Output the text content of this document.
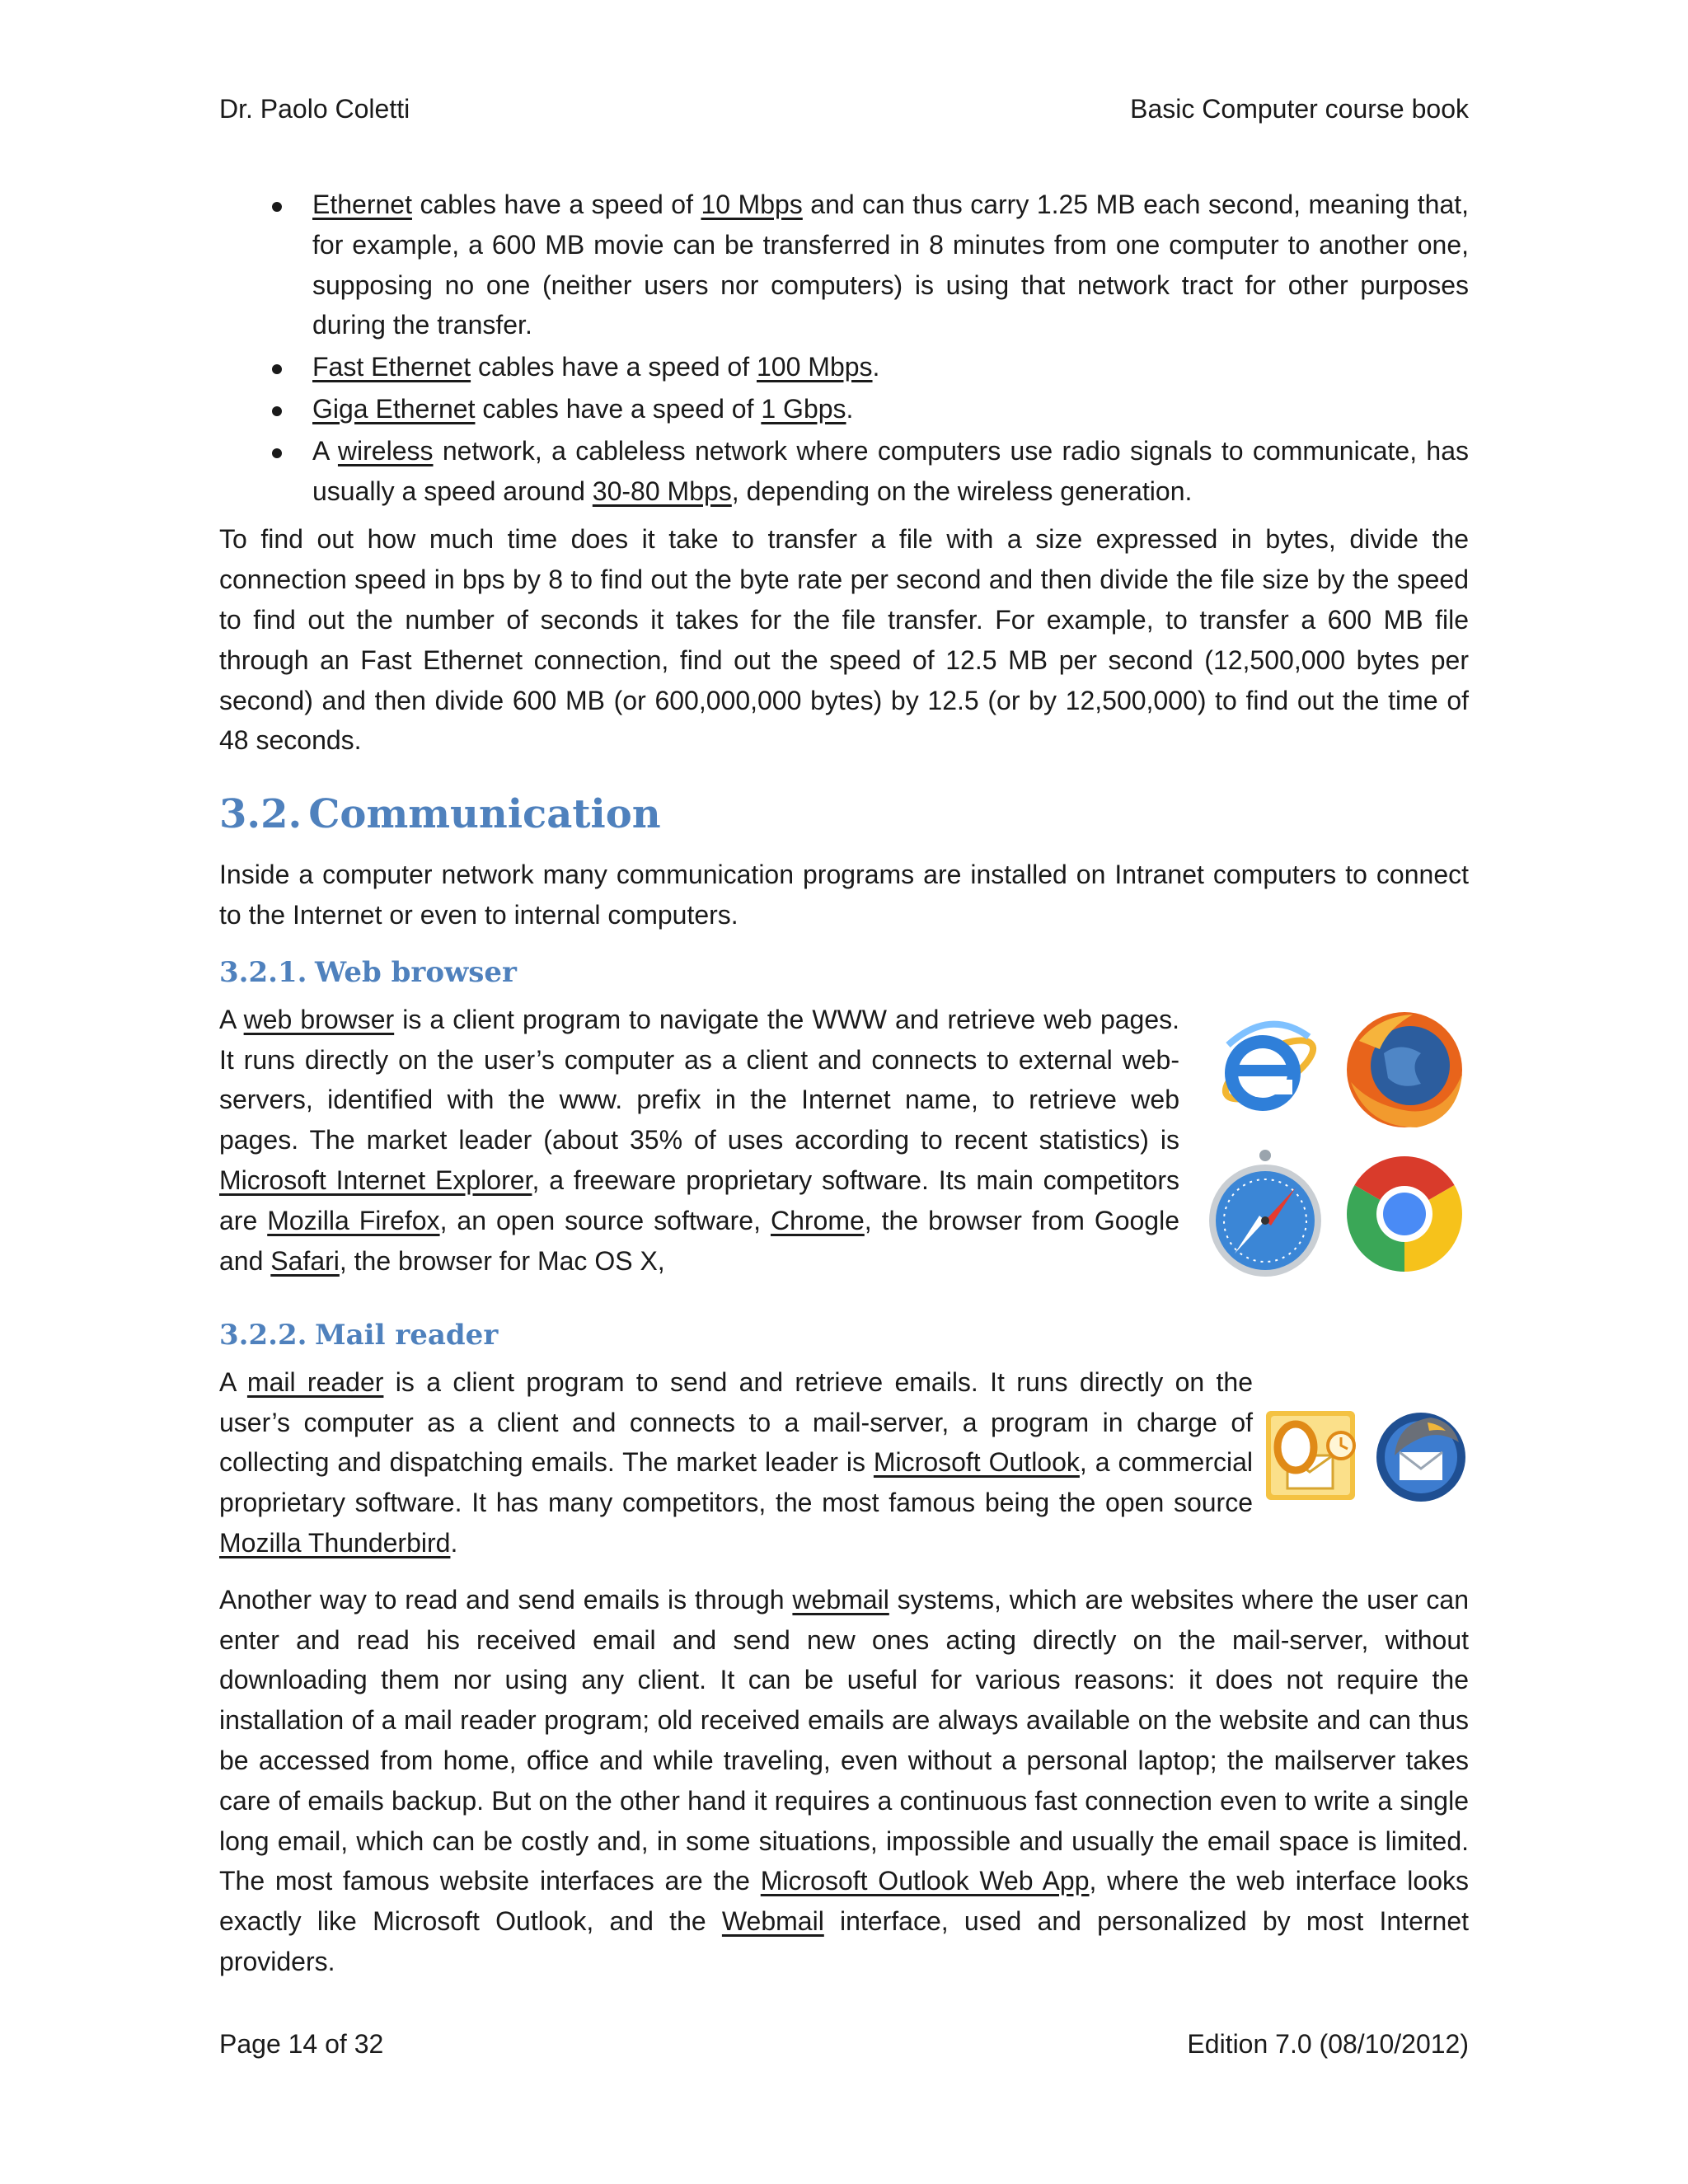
Dr. Paolo Coletti	Basic Computer course book
Ethernet cables have a speed of 10 Mbps and can thus carry 1.25 MB each second, meaning that, for example, a 600 MB movie can be transferred in 8 minutes from one computer to another one, supposing no one (neither users nor computers) is using that network tract for other purposes during the transfer.
Fast Ethernet cables have a speed of 100 Mbps.
Giga Ethernet cables have a speed of 1 Gbps.
A wireless network, a cableless network where computers use radio signals to communicate, has usually a speed around 30-80 Mbps, depending on the wireless generation.

To find out how much time does it take to transfer a file with a size expressed in bytes, divide the connection speed in bps by 8 to find out the byte rate per second and then divide the file size by the speed to find out the number of seconds it takes for the file transfer. For example, to transfer a 600 MB file through an Fast Ethernet connection, find out the speed of 12.5 MB per second (12,500,000 bytes per second) and then divide 600 MB (or 600,000,000 bytes) by 12.5 (or by 12,500,000) to find out the time of 48 seconds.

3.2. Communication

Inside a computer network many communication programs are installed on Intranet computers to connect to the Internet or even to internal computers.

3.2.1. Web browser

A web browser is a client program to navigate the WWW and retrieve web pages. It runs directly on the user’s computer as a client and connects to external web-servers, identified with the www. prefix in the Internet name, to retrieve web pages. The market leader (about 35% of uses according to recent statistics) is Microsoft Internet Explorer, a freeware proprietary software. Its main competitors are Mozilla Firefox, an open source software, Chrome, the browser from Google and Safari, the browser for Mac OS X,

3.2.2. Mail reader

A mail reader is a client program to send and retrieve emails. It runs directly on the user’s computer as a client and connects to a mail-server, a program in charge of collecting and dispatching emails. The market leader is Microsoft Outlook, a commercial proprietary software. It has many competitors, the most famous being the open source Mozilla Thunderbird.

Another way to read and send emails is through webmail systems, which are websites where the user can enter and read his received email and send new ones acting directly on the mail-server, without downloading them nor using any client. It can be useful for various reasons: it does not require the installation of a mail reader program; old received emails are always available on the website and can thus be accessed from home, office and while traveling, even without a personal laptop; the mailserver takes care of emails backup. But on the other hand it requires a continuous fast connection even to write a single long email, which can be costly and, in some situations, impossible and usually the email space is limited. The most famous website interfaces are the Microsoft Outlook Web App, where the web interface looks exactly like Microsoft Outlook, and the Webmail interface, used and personalized by most Internet providers.

Page 14 of 32	Edition 7.0 (08/10/2012)
